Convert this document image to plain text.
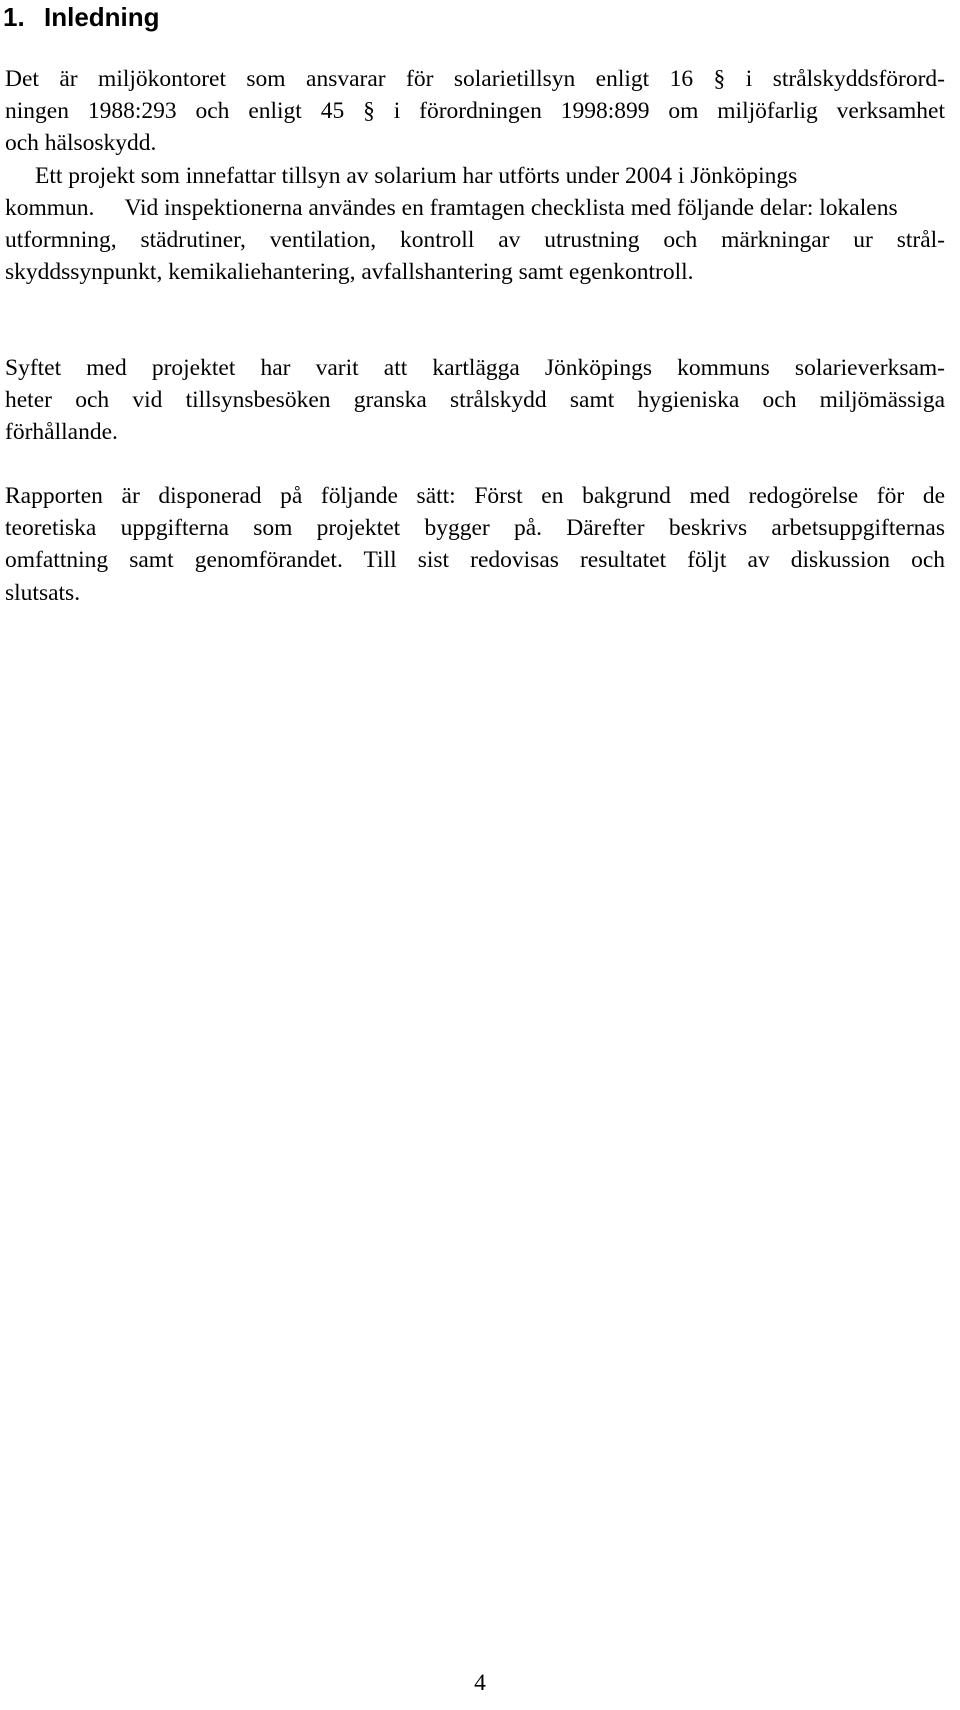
1. Inledning
Det är miljökontoret som ansvarar för solarietillsyn enligt 16 § i strålskyddsförord-
ningen 1988:293 och enligt 45 § i förordningen 1998:899 om miljöfarlig verksamhet
och hälsoskydd.
Ett projekt som innefattar tillsyn av solarium har utförts under 2004 i Jönköpings
kommun. Vid inspektionerna användes en framtagen checklista med följande delar: lokalens
utformning, städrutiner, ventilation, kontroll av utrustning och märkningar ur strål-
skyddssynpunkt, kemikaliehantering, avfallshantering samt egenkontroll.
Syftet med projektet har varit att kartlägga Jönköpings kommuns solarieverksam-
heter och vid tillsynsbesöken granska strålskydd samt hygieniska och miljömässiga
förhållande.
Rapporten är disponerad på följande sätt: Först en bakgrund med redogörelse för de
teoretiska uppgifterna som projektet bygger på. Därefter beskrivs arbetsuppgifternas
omfattning samt genomförandet. Till sist redovisas resultatet följt av diskussion och
slutsats.
4
